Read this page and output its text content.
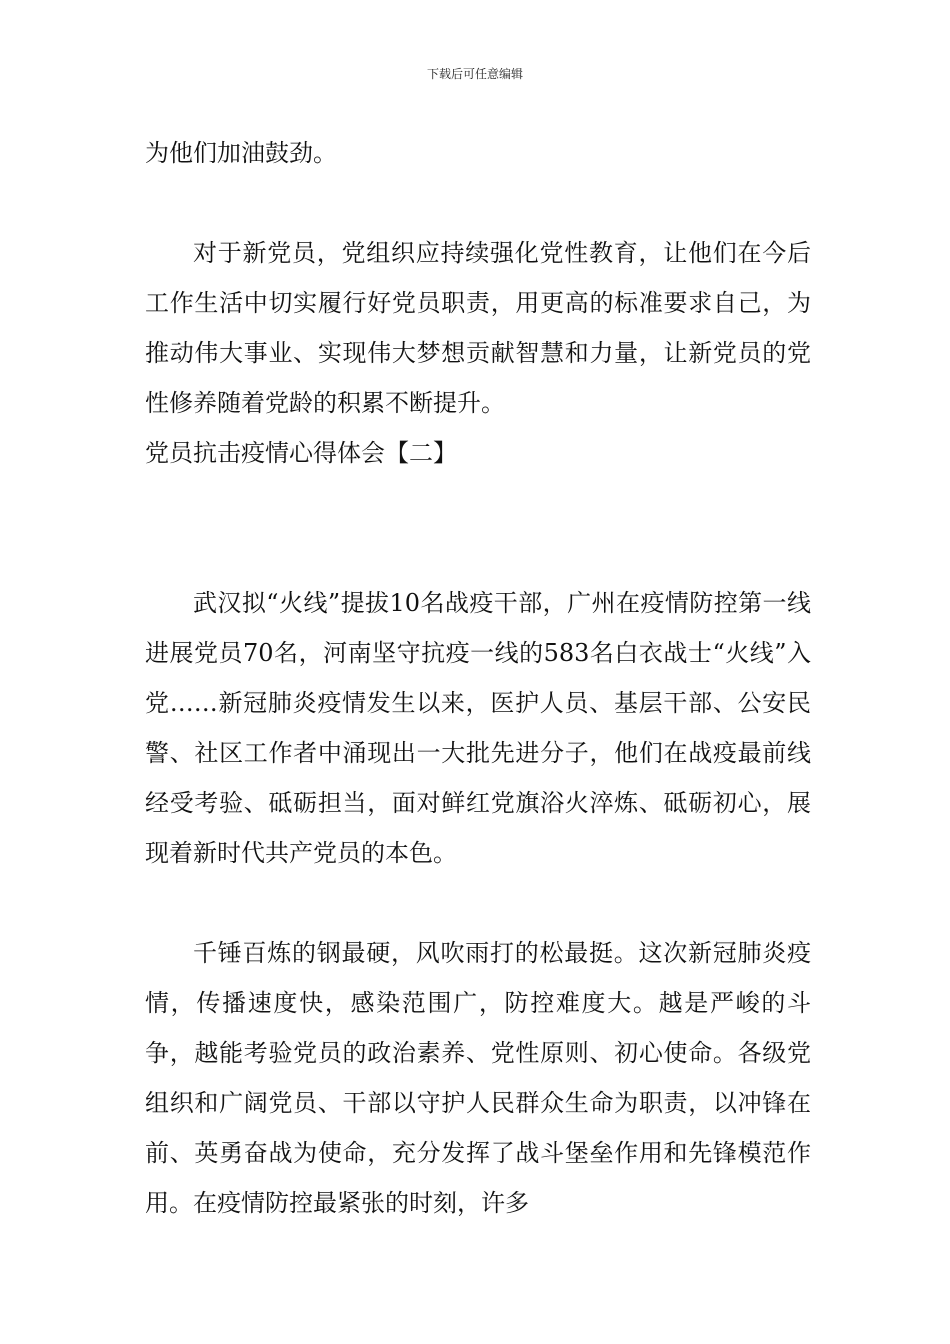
下载后可任意编辑

为他们加油鼓劲。

对于新党员，党组织应持续强化党性教育，让他们在今后工作生活中切实履行好党员职责，用更高的标准要求自己，为推动伟大事业、实现伟大梦想贡献智慧和力量，让新党员的党性修养随着党龄的积累不断提升。

党员抗击疫情心得体会【二】

武汉拟“火线”提拔10名战疫干部，广州在疫情防控第一线进展党员70名，河南坚守抗疫一线的583名白衣战士“火线”入党……新冠肺炎疫情发生以来，医护人员、基层干部、公安民警、社区工作者中涌现出一大批先进分子，他们在战疫最前线经受考验、砥砺担当，面对鲜红党旗浴火淬炼、砥砺初心，展现着新时代共产党员的本色。

千锤百炼的钢最硬，风吹雨打的松最挺。这次新冠肺炎疫情，传播速度快，感染范围广，防控难度大。越是严峻的斗争，越能考验党员的政治素养、党性原则、初心使命。各级党组织和广阔党员、干部以守护人民群众生命为职责，以冲锋在前、英勇奋战为使命，充分发挥了战斗堡垒作用和先锋模范作用。在疫情防控最紧张的时刻，许多
